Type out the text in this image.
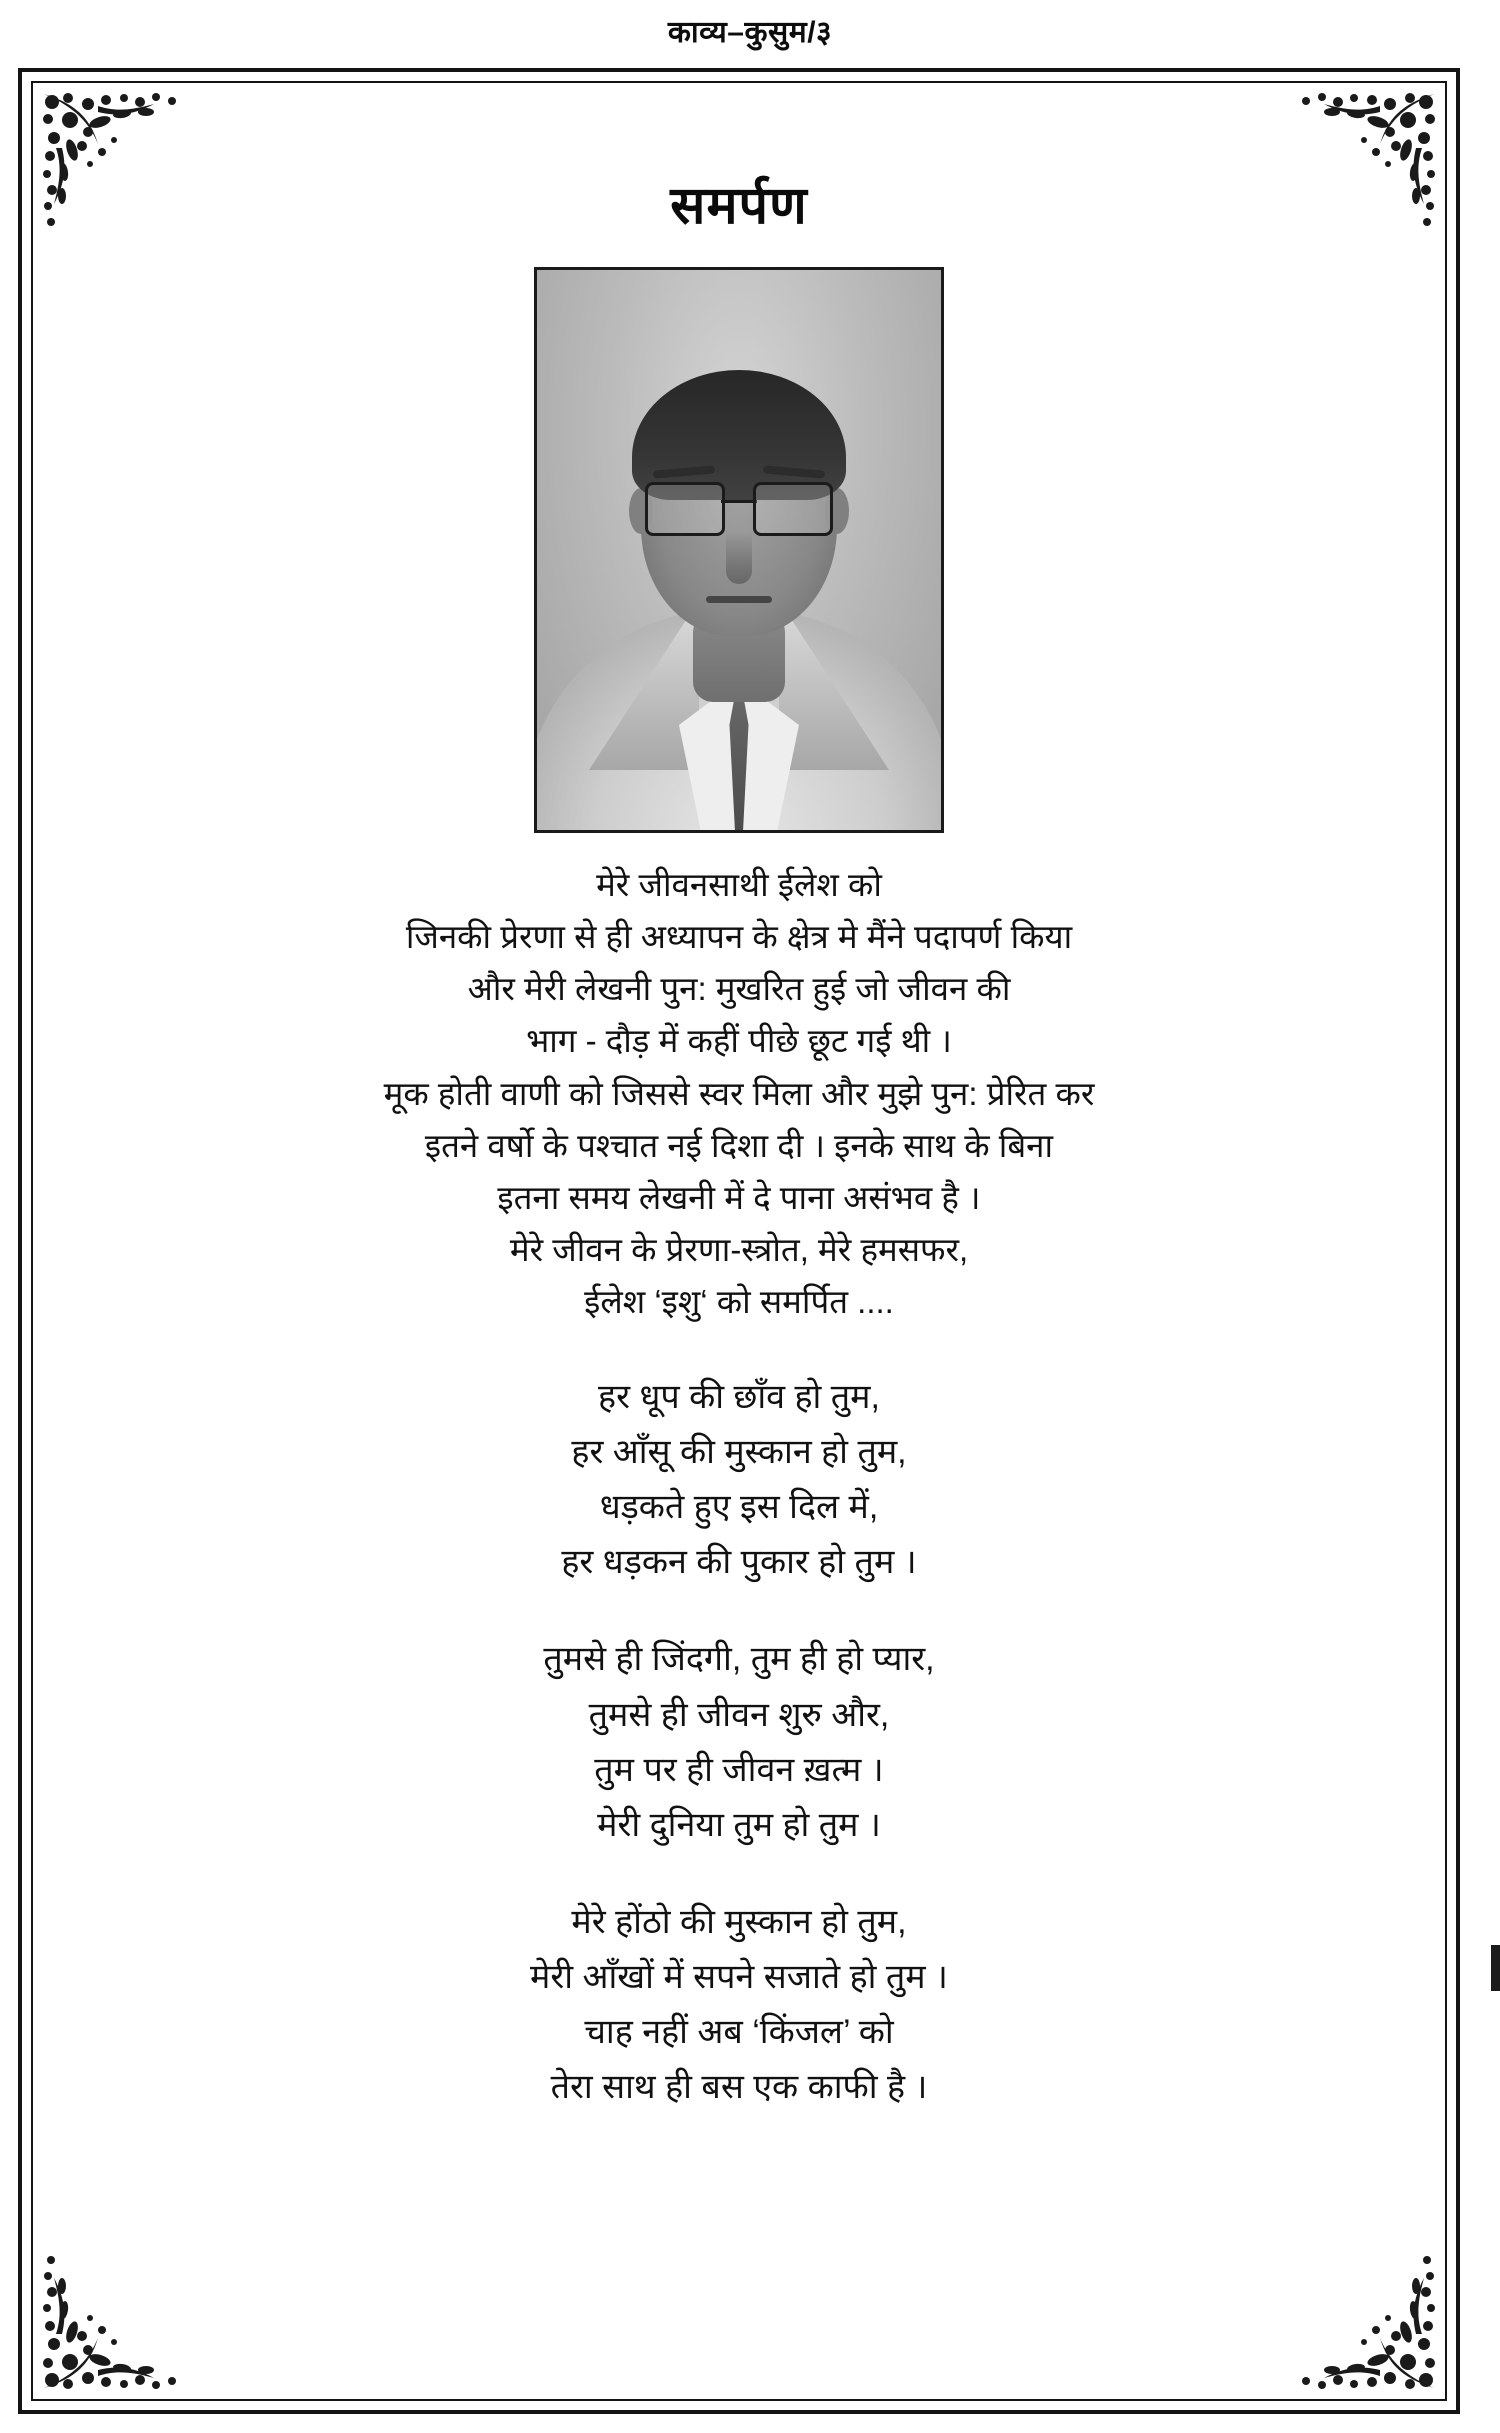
काव्य–कुसुम/३
समर्पण
मेरे जीवनसाथी ईलेश को
जिनकी प्रेरणा से ही अध्यापन के क्षेत्र मे मैंने पदापर्ण किया
और मेरी लेखनी पुन: मुखरित हुई जो जीवन की
भाग - दौड़ में कहीं पीछे छूट गई थी ।
मूक होती वाणी को जिससे स्वर मिला और मुझे पुन: प्रेरित कर
इतने वर्षो के पश्चात नई दिशा दी । इनके साथ के बिना
इतना समय लेखनी में दे पाना असंभव है ।
मेरे जीवन के प्रेरणा-स्त्रोत, मेरे हमसफर,
ईलेश ‘इशु‘ को समर्पित ....
हर धूप की छाँव हो तुम,
हर आँसू की मुस्कान हो तुम,
धड़कते हुए इस दिल में,
हर धड़कन की पुकार हो तुम ।
तुमसे ही जिंदगी, तुम ही हो प्यार,
तुमसे ही जीवन शुरु और,
तुम पर ही जीवन ख़त्म ।
मेरी दुनिया तुम हो तुम ।
मेरे होंठो की मुस्कान हो तुम,
मेरी आँखों में सपने सजाते हो तुम ।
चाह नहीं अब ‘किंजल’ को
तेरा साथ ही बस एक काफी है ।
